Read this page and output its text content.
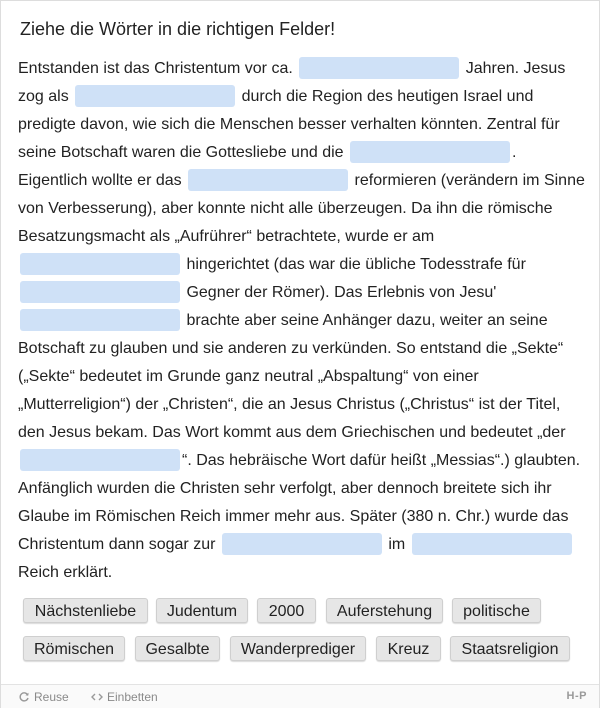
Ziehe die Wörter in die richtigen Felder!
Entstanden ist das Christentum vor ca.	Jahren. Jesus zog als	durch die Region des heutigen Israel und predigte davon, wie sich die Menschen besser verhalten könnten. Zentral für seine Botschaft waren die Gottesliebe und die	. Eigentlich wollte er das	reformieren (verändern im Sinne von Verbesserung), aber konnte nicht alle überzeugen. Da ihn die römische Besatzungsmacht als „Aufrührer“ betrachtete, wurde er am
hingerichtet (das war die übliche Todesstrafe für
Gegner der Römer). Das Erlebnis von Jesu'
brachte aber seine Anhänger dazu, weiter an seine Botschaft zu glauben und sie anderen zu verkünden. So entstand die „Sekte“ („Sekte“ bedeutet im Grunde ganz neutral „Abspaltung“ von einer „Mutterreligion“) der „Christen“, die an Jesus Christus („Christus“ ist der Titel, den Jesus bekam. Das Wort kommt aus dem Griechischen und bedeutet „der
“. Das hebräische Wort dafür heißt „Messias“.) glaubten. Anfänglich wurden die Christen sehr verfolgt, aber dennoch breitete sich ihr Glaube im Römischen Reich immer mehr aus. Später (380 n. Chr.) wurde das Christentum dann sogar zur	im  Reich erklärt.
Nächstenliebe	Judentum	2000	Auferstehung	politische
Römischen	Gesalbte	Wanderprediger	Kreuz	Staatsreligion
Reuse	Einbetten	H-P
